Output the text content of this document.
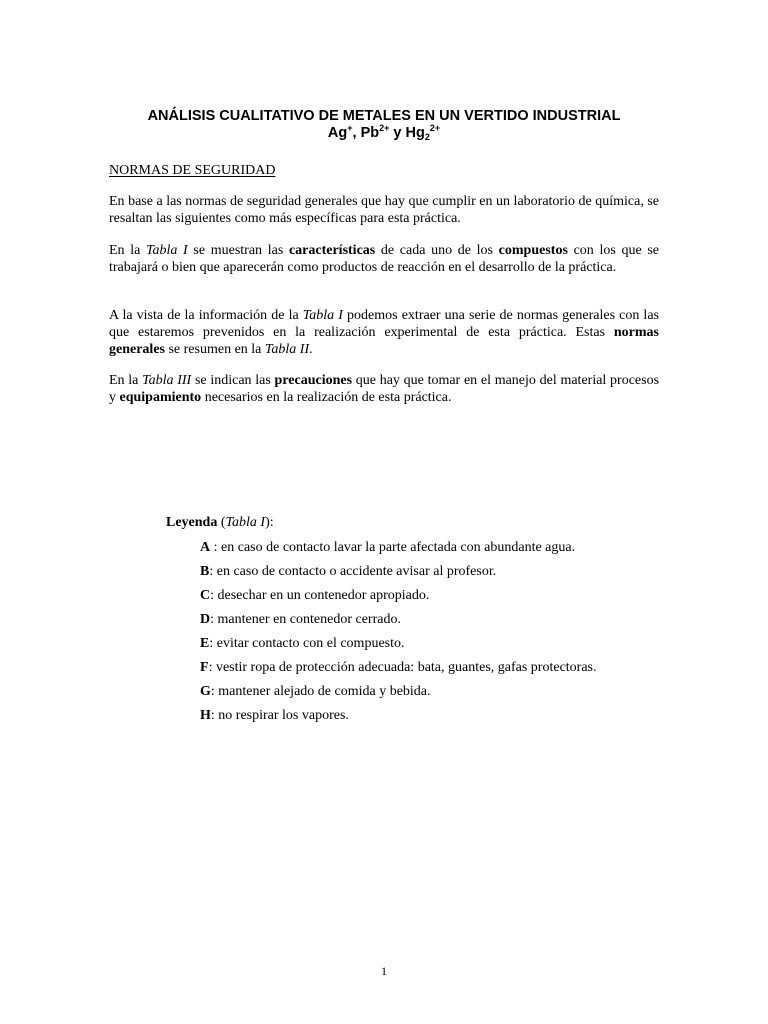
ANÁLISIS CUALITATIVO DE METALES EN UN VERTIDO INDUSTRIAL
Ag+, $Pb^{2+}$ y $Hg_2^{2+}$
NORMAS DE SEGURIDAD

En base a las normas de seguridad generales que hay que cumplir en un laboratorio de química, se resaltan las siguientes como más específicas para esta práctica.

En la Tabla I se muestran las características de cada uno de los compuestos con los que se trabajará o bien que aparecerán como productos de reacción en el desarrollo de la práctica.

A la vista de la información de la Tabla I podemos extraer una serie de normas generales con las que estaremos prevenidos en la realización experimental de esta práctica. Estas normas generales se resumen en la Tabla II.

En la Tabla III se indican las precauciones que hay que tomar en el manejo del material procesos y equipamiento necesarios en la realización de esta práctica.

Leyenda (Tabla I):
A : en caso de contacto lavar la parte afectada con abundante agua.
B: en caso de contacto o accidente avisar al profesor.
C: desechar en un contenedor apropiado.
D: mantener en contenedor cerrado.
E: evitar contacto con el compuesto.
F: vestir ropa de protección adecuada: bata, guantes, gafas protectoras.
G: mantener alejado de comida y bebida.
H: no respirar los vapores.
1
